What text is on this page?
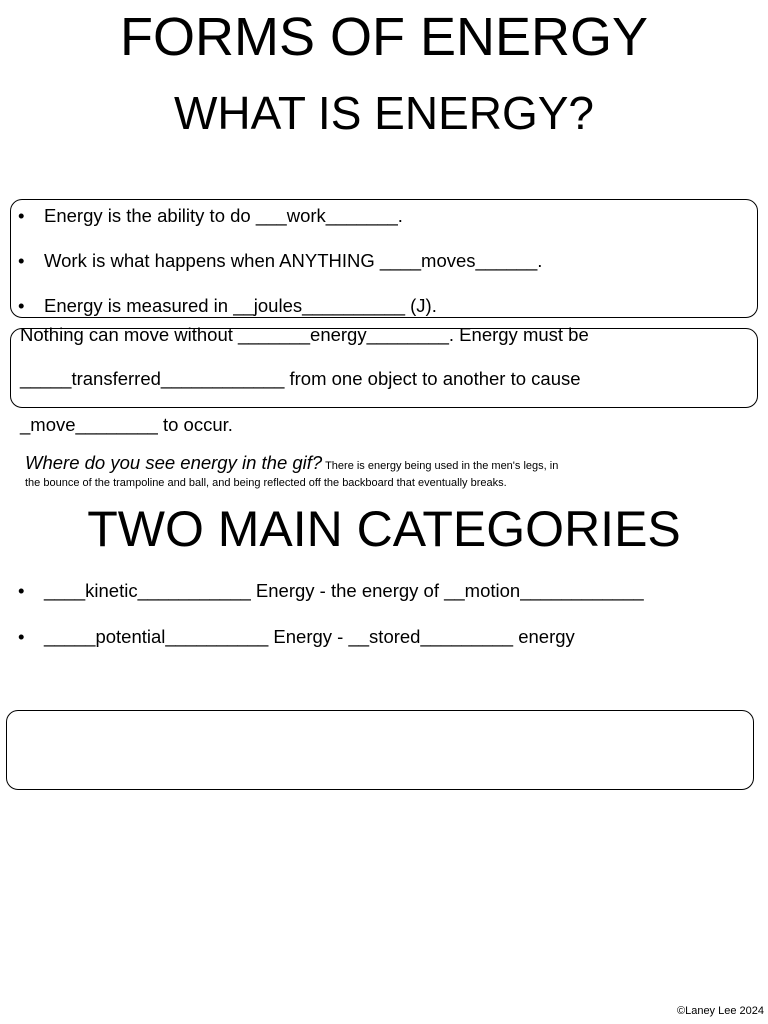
FORMS OF ENERGY
WHAT IS ENERGY?
• Energy is the ability to do ___work_______.
• Work is what happens when ANYTHING ____moves______.
• Energy is measured in __joules__________ (J).
Nothing can move without _______energy________. Energy must be
_____transferred____________ from one object to another to cause
_move________ to occur.
Where do you see energy in the gif? There is energy being used in the men's legs, in
the bounce of the trampoline and ball, and being reflected off the backboard that eventually breaks.
TWO MAIN CATEGORIES
• ____kinetic___________ Energy - the energy of __motion____________
• _____potential__________ Energy - __stored_________ energy
©Laney Lee 2024
